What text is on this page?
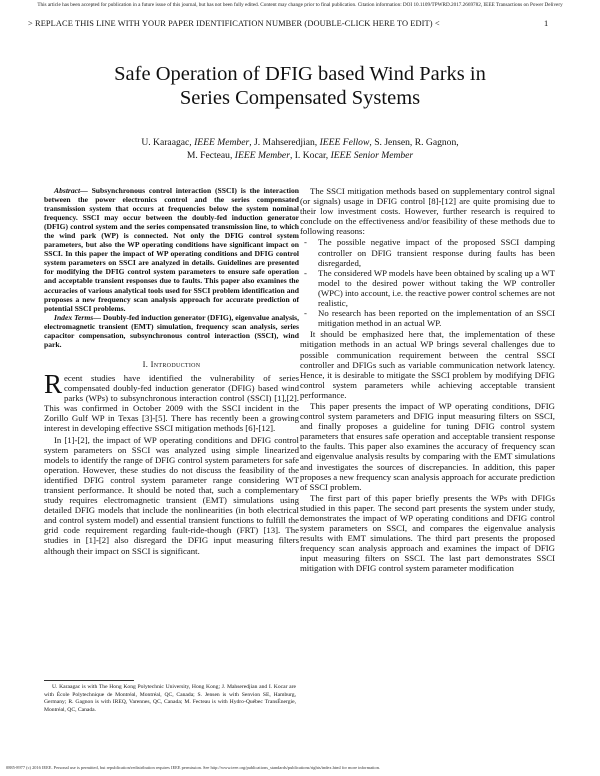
This article has been accepted for publication in a future issue of this journal, but has not been fully edited. Content may change prior to final publication. Citation information: DOI 10.1109/TPWRD.2017.2669782, IEEE Transactions on Power Delivery
> REPLACE THIS LINE WITH YOUR PAPER IDENTIFICATION NUMBER (DOUBLE-CLICK HERE TO EDIT) <	1
Safe Operation of DFIG based Wind Parks in
Series Compensated Systems
U. Karaagac, IEEE Member, J. Mahseredjian, IEEE Fellow, S. Jensen, R. Gagnon,
M. Fecteau, IEEE Member, I. Kocar, IEEE Senior Member

Abstract— Subsynchronous control interaction (SSCI) is the interaction between the power electronics control and the series compensated transmission system that occurs at frequencies below the system nominal frequency. SSCI may occur between the doubly-fed induction generator (DFIG) control system and the series compensated transmission line, to which the wind park (WP) is connected. Not only the DFIG control system parameters, but also the WP operating conditions have significant impact on SSCI. In this paper the impact of WP operating conditions and DFIG control system parameters on SSCI are analyzed in details. Guidelines are presented for modifying the DFIG control system parameters to ensure safe operation and acceptable transient responses due to faults. This paper also examines the accuracies of various analytical tools used for SSCI problem identification and proposes a new frequency scan analysis approach for accurate prediction of potential SSCI problems.

Index Terms— Doubly-fed induction generator (DFIG), eigenvalue analysis, electromagnetic transient (EMT) simulation, frequency scan analysis, series capacitor compensation, subsynchronous control interaction (SSCI), wind park.

I. Introduction

Recent studies have identified the vulnerability of series compensated doubly-fed induction generator (DFIG) based wind parks (WPs) to subsynchronous interaction control (SSCI) [1],[2]. This was confirmed in October 2009 with the SSCI incident in the Zorillo Gulf WP in Texas [3]-[5]. There has recently been a growing interest in developing effective SSCI mitigation methods [6]-[12].

In [1]-[2], the impact of WP operating conditions and DFIG control system parameters on SSCI was analyzed using simple linearized models to identify the range of DFIG control system parameters for safe operation. However, these studies do not discuss the feasibility of the identified DFIG control system parameter range considering WT transient performance. It should be noted that, such a complementary study requires electromagnetic transient (EMT) simulations using detailed DFIG models that include the nonlinearities (in both electrical and control system model) and essential transient functions to fulfill the grid code requirement regarding fault-ride-though (FRT) [13]. The studies in [1]-[2] also disregard the DFIG input measuring filters although their impact on SSCI is significant.

U. Karaagac is with The Hong Kong Polytechnic University, Hong Kong; J. Mahseredjian and I. Kocar are with École Polytechnique de Montréal, Montréal, QC, Canada; S. Jensen is with Senvion SE, Hamburg, Germany; R. Gagnon is with IREQ, Varennes, QC, Canada; M. Fecteau is with Hydro-Québec TransÉnergie, Montréal, QC, Canada.

The SSCI mitigation methods based on supplementary control signal (or signals) usage in DFIG control [8]-[12] are quite promising due to their low investment costs. However, further research is required to conclude on the effectiveness and/or feasibility of these methods due to following reasons:

- The possible negative impact of the proposed SSCI damping controller on DFIG transient response during faults has been disregarded,
- The considered WP models have been obtained by scaling up a WT model to the desired power without taking the WP controller (WPC) into account, i.e. the reactive power control schemes are not realistic,
- No research has been reported on the implementation of an SSCI mitigation method in an actual WP.

It should be emphasized here that, the implementation of these mitigation methods in an actual WP brings several challenges due to possible communication requirement between the central SSCI controller and DFIGs such as variable communication network latency. Hence, it is desirable to mitigate the SSCI problem by modifying DFIG control system parameters while achieving acceptable transient performance.

This paper presents the impact of WP operating conditions, DFIG control system parameters and DFIG input measuring filters on SSCI, and finally proposes a guideline for tuning DFIG control system parameters that ensures safe operation and acceptable transient response to the faults. This paper also examines the accuracy of frequency scan and eigenvalue analysis results by comparing with the EMT simulations and investigates the sources of discrepancies. In addition, this paper proposes a new frequency scan analysis approach for accurate prediction of SSCI problem.

The first part of this paper briefly presents the WPs with DFIGs studied in this paper. The second part presents the system under study, demonstrates the impact of WP operating conditions and DFIG control system parameters on SSCI, and compares the eigenvalue analysis results with EMT simulations. The third part presents the proposed frequency scan analysis approach and examines the impact of DFIG input measuring filters on SSCI. The last part demonstrates SSCI mitigation with DFIG control system parameter modification

0885-8977 (c) 2016 IEEE. Personal use is permitted, but republication/redistribution requires IEEE permission. See http://www.ieee.org/publications_standards/publications/rights/index.html for more information.
